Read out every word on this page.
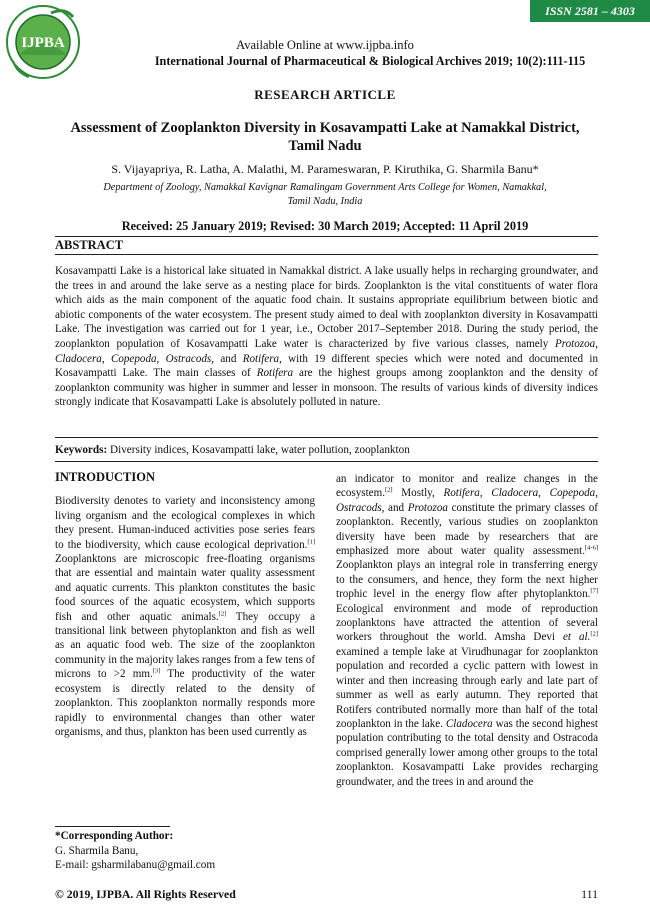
IJPBA
ISSN 2581 – 4303
Available Online at www.ijpba.info
International Journal of Pharmaceutical & Biological Archives 2019; 10(2):111-115
RESEARCH ARTICLE
Assessment of Zooplankton Diversity in Kosavampatti Lake at Namakkal District,
Tamil Nadu
S. Vijayapriya, R. Latha, A. Malathi, M. Parameswaran, P. Kiruthika, G. Sharmila Banu*
Department of Zoology, Namakkal Kavignar Ramalingam Government Arts College for Women, Namakkal,
Tamil Nadu, India
Received: 25 January 2019; Revised: 30 March 2019; Accepted: 11 April 2019
ABSTRACT
Kosavampatti Lake is a historical lake situated in Namakkal district. A lake usually helps in recharging groundwater, and the trees in and around the lake serve as a nesting place for birds. Zooplankton is the vital constituents of water flora which aids as the main component of the aquatic food chain. It sustains appropriate equilibrium between biotic and abiotic components of the water ecosystem. The present study aimed to deal with zooplankton diversity in Kosavampatti Lake. The investigation was carried out for 1 year, i.e., October 2017–September 2018. During the study period, the zooplankton population of Kosavampatti Lake water is characterized by five various classes, namely Protozoa, Cladocera, Copepoda, Ostracods, and Rotifera, with 19 different species which were noted and documented in Kosavampatti Lake. The main classes of Rotifera are the highest groups among zooplankton and the density of zooplankton community was higher in summer and lesser in monsoon. The results of various kinds of diversity indices strongly indicate that Kosavampatti Lake is absolutely polluted in nature.
Keywords: Diversity indices, Kosavampatti lake, water pollution, zooplankton
INTRODUCTION

Biodiversity denotes to variety and inconsistency among living organism and the ecological complexes in which they present. Human-induced activities pose series fears to the biodiversity, which cause ecological deprivation.[1] Zooplanktons are microscopic free-floating organisms that are essential and maintain water quality assessment and aquatic currents. This plankton constitutes the basic food sources of the aquatic ecosystem, which supports fish and other aquatic animals.[2] They occupy a transitional link between phytoplankton and fish as well as an aquatic food web. The size of the zooplankton community in the majority lakes ranges from a few tens of microns to >2 mm.[3] The productivity of the water ecosystem is directly related to the density of zooplankton. This zooplankton normally responds more rapidly to environmental changes than other water organisms, and thus, plankton has been used currently as

an indicator to monitor and realize changes in the ecosystem.[2] Mostly, Rotifera, Cladocera, Copepoda, Ostracods, and Protozoa constitute the primary classes of zooplankton. Recently, various studies on zooplankton diversity have been made by researchers that are emphasized more about water quality assessment.[4-6] Zooplankton plays an integral role in transferring energy to the consumers, and hence, they form the next higher trophic level in the energy flow after phytoplankton.[7] Ecological environment and mode of reproduction zooplanktons have attracted the attention of several workers throughout the world. Amsha Devi et al.[2] examined a temple lake at Virudhunagar for zooplankton population and recorded a cyclic pattern with lowest in winter and then increasing through early and late part of summer as well as early autumn. They reported that Rotifers contributed normally more than half of the total zooplankton in the lake. Cladocera was the second highest population contributing to the total density and Ostracoda comprised generally lower among other groups to the total zooplankton. Kosavampatti Lake provides recharging groundwater, and the trees in and around the

*Corresponding Author:
G. Sharmila Banu,
E-mail: gsharmilabanu@gmail.com
© 2019, IJPBA. All Rights Reserved	111
